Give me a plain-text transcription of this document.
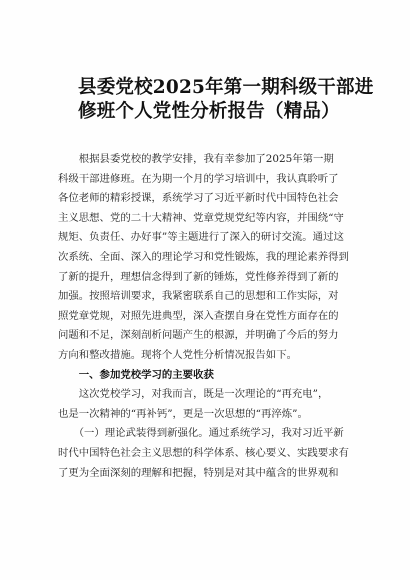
县委党校2025年第一期科级干部进
修班个人党性分析报告（精品）
　　根据县委党校的教学安排，我有幸参加了2025年第一期
科级干部进修班。在为期一个月的学习培训中，我认真聆听了
各位老师的精彩授课，系统学习了习近平新时代中国特色社会
主义思想、党的二十大精神、党章党规党纪等内容，并围绕“守
规矩、负责任、办好事”等主题进行了深入的研讨交流。通过这
次系统、全面、深入的理论学习和党性锻炼，我的理论素养得到
了新的提升，理想信念得到了新的锤炼，党性修养得到了新的
加强。按照培训要求，我紧密联系自己的思想和工作实际，对
照党章党规，对照先进典型，深入查摆自身在党性方面存在的
问题和不足，深刻剖析问题产生的根源，并明确了今后的努力
方向和整改措施。现将个人党性分析情况报告如下。
　　一、参加党校学习的主要收获
　　这次党校学习，对我而言，既是一次理论的“再充电”，
也是一次精神的“再补钙”，更是一次思想的“再淬炼”。
　　（一）理论武装得到新强化。通过系统学习，我对习近平新
时代中国特色社会主义思想的科学体系、核心要义、实践要求有
了更为全面深刻的理解和把握，特别是对其中蕴含的世界观和
